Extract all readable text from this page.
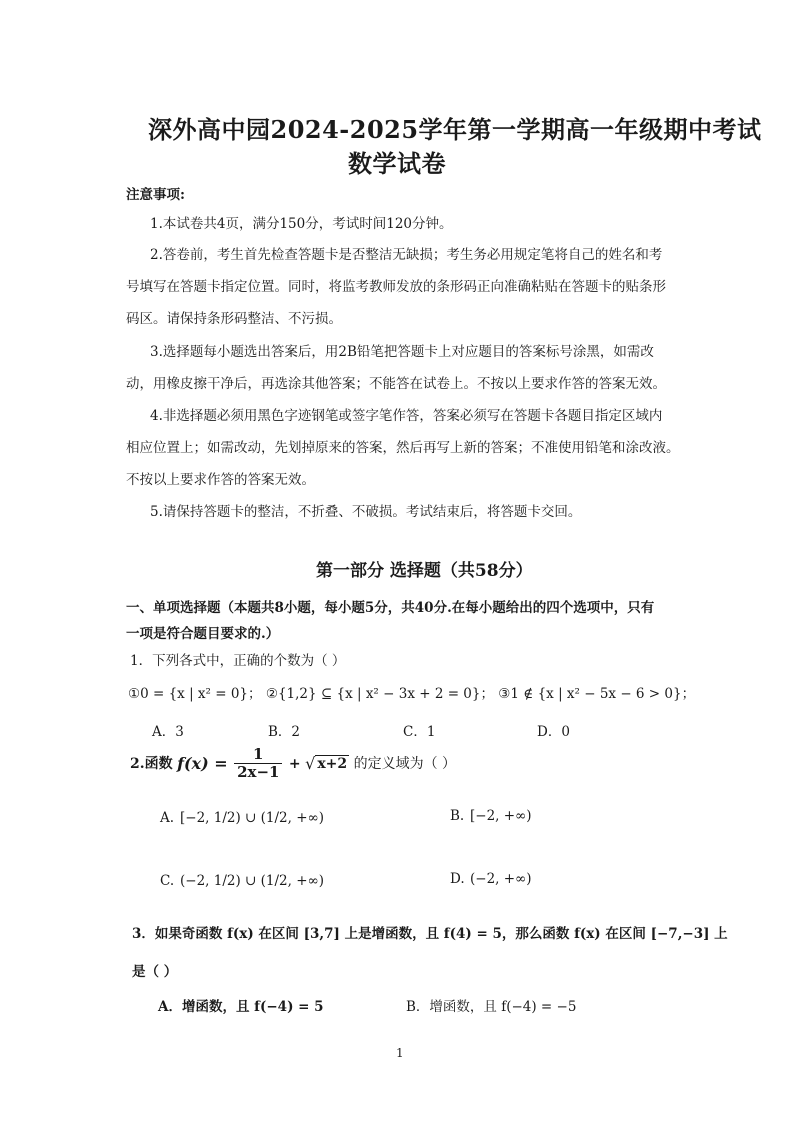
深外高中园2024-2025学年第一学期高一年级期中考试
数学试卷
注意事项:
1.本试卷共4页，满分150分，考试时间120分钟。
2.答卷前，考生首先检查答题卡是否整洁无缺损；考生务必用规定笔将自己的姓名和考
号填写在答题卡指定位置。同时，将监考教师发放的条形码正向准确粘贴在答题卡的贴条形
码区。请保持条形码整洁、不污损。
3.选择题每小题选出答案后，用2B铅笔把答题卡上对应题目的答案标号涂黑，如需改
动，用橡皮擦干净后，再选涂其他答案；不能答在试卷上。不按以上要求作答的答案无效。
4.非选择题必须用黑色字迹钢笔或签字笔作答，答案必须写在答题卡各题目指定区域内
相应位置上；如需改动，先划掉原来的答案，然后再写上新的答案；不准使用铅笔和涂改液。
不按以上要求作答的答案无效。
5.请保持答题卡的整洁，不折叠、不破损。考试结束后，将答题卡交回。
第一部分 选择题（共58分）
一、单项选择题（本题共8小题，每小题5分，共40分.在每小题给出的四个选项中，只有
一项是符合题目要求的.）
1．下列各式中，正确的个数为（ ）
①0 = {x | x² = 0}； ②{1,2} ⊆ {x | x² − 3x + 2 = 0}； ③1 ∉ {x | x² − 5x − 6 > 0}；
A．3	B．2	C．1	D．0
2.函数 $f(x) = \frac{1}{2x-1}$ + √ x+2 的定义域为（ ）
A. [−2, 1/2) ∪ (1/2, +∞)	B. [−2, +∞)
C. (−2, 1/2) ∪ (1/2, +∞)	D. (−2, +∞)
3．如果奇函数 f(x) 在区间 [3,7] 上是增函数，且 f(4) = 5，那么函数 f(x) 在区间 [−7,−3] 上
是（ ）
A．增函数，且 f(−4) = 5	B．增函数，且 f(−4) = −5
1
